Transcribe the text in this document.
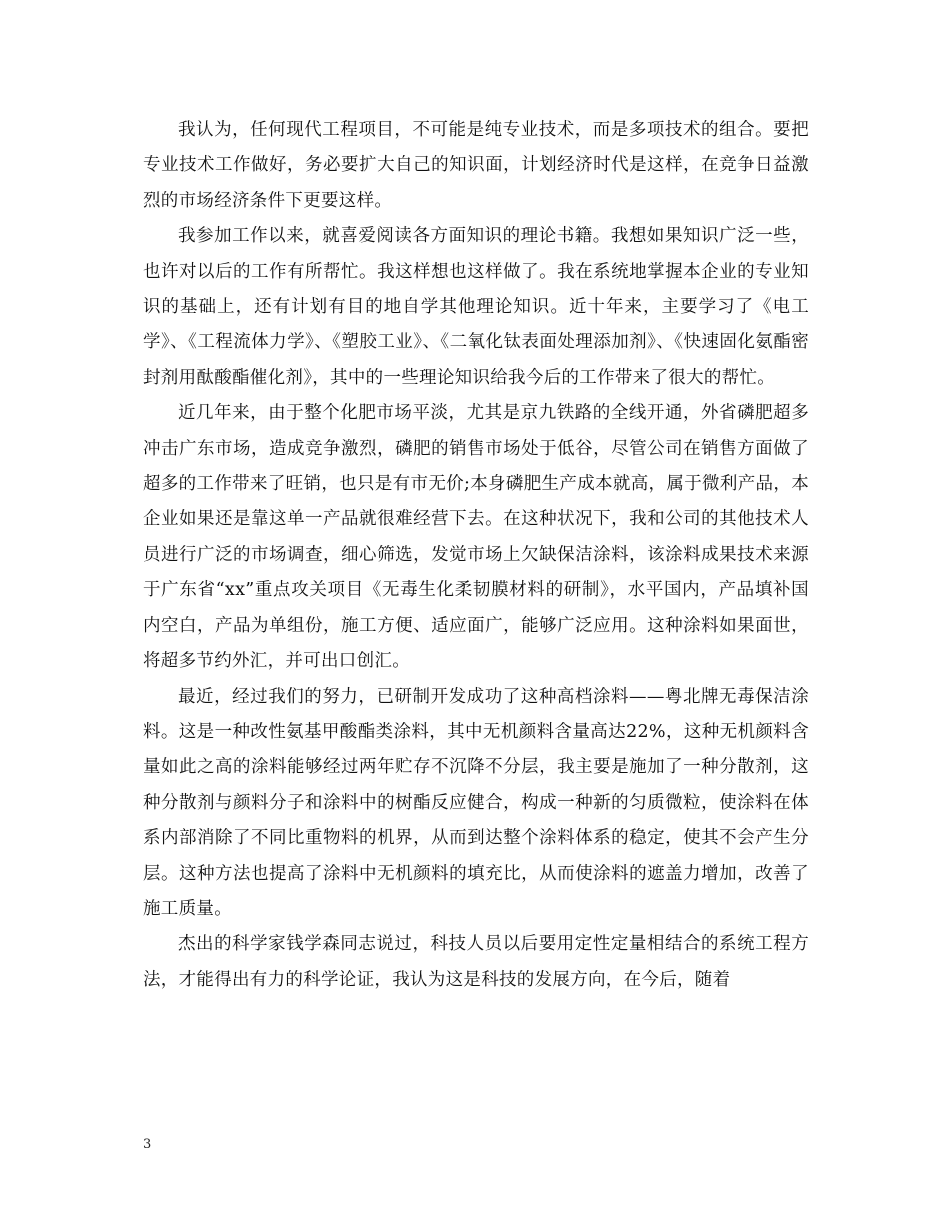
我认为，任何现代工程项目，不可能是纯专业技术，而是多项技术的组合。要把专业技术工作做好，务必要扩大自己的知识面，计划经济时代是这样，在竞争日益激烈的市场经济条件下更要这样。

我参加工作以来，就喜爱阅读各方面知识的理论书籍。我想如果知识广泛一些，也许对以后的工作有所帮忙。我这样想也这样做了。我在系统地掌握本企业的专业知识的基础上，还有计划有目的地自学其他理论知识。近十年来，主要学习了《电工学》、《工程流体力学》、《塑胶工业》、《二氧化钛表面处理添加剂》、《快速固化氨酯密封剂用酞酸酯催化剂》，其中的一些理论知识给我今后的工作带来了很大的帮忙。

近几年来，由于整个化肥市场平淡，尤其是京九铁路的全线开通，外省磷肥超多冲击广东市场，造成竞争激烈，磷肥的销售市场处于低谷，尽管公司在销售方面做了超多的工作带来了旺销，也只是有市无价;本身磷肥生产成本就高，属于微利产品，本企业如果还是靠这单一产品就很难经营下去。在这种状况下，我和公司的其他技术人员进行广泛的市场调查，细心筛选，发觉市场上欠缺保洁涂料，该涂料成果技术来源于广东省“xx”重点攻关项目《无毒生化柔韧膜材料的研制》，水平国内，产品填补国内空白，产品为单组份，施工方便、适应面广，能够广泛应用。这种涂料如果面世，将超多节约外汇，并可出口创汇。

最近，经过我们的努力，已研制开发成功了这种高档涂料——粤北牌无毒保洁涂料。这是一种改性氨基甲酸酯类涂料，其中无机颜料含量高达22%，这种无机颜料含量如此之高的涂料能够经过两年贮存不沉降不分层，我主要是施加了一种分散剂，这种分散剂与颜料分子和涂料中的树酯反应健合，构成一种新的匀质微粒，使涂料在体系内部消除了不同比重物料的机界，从而到达整个涂料体系的稳定，使其不会产生分层。这种方法也提高了涂料中无机颜料的填充比，从而使涂料的遮盖力增加，改善了施工质量。

杰出的科学家钱学森同志说过，科技人员以后要用定性定量相结合的系统工程方法，才能得出有力的科学论证，我认为这是科技的发展方向，在今后，随着

3
